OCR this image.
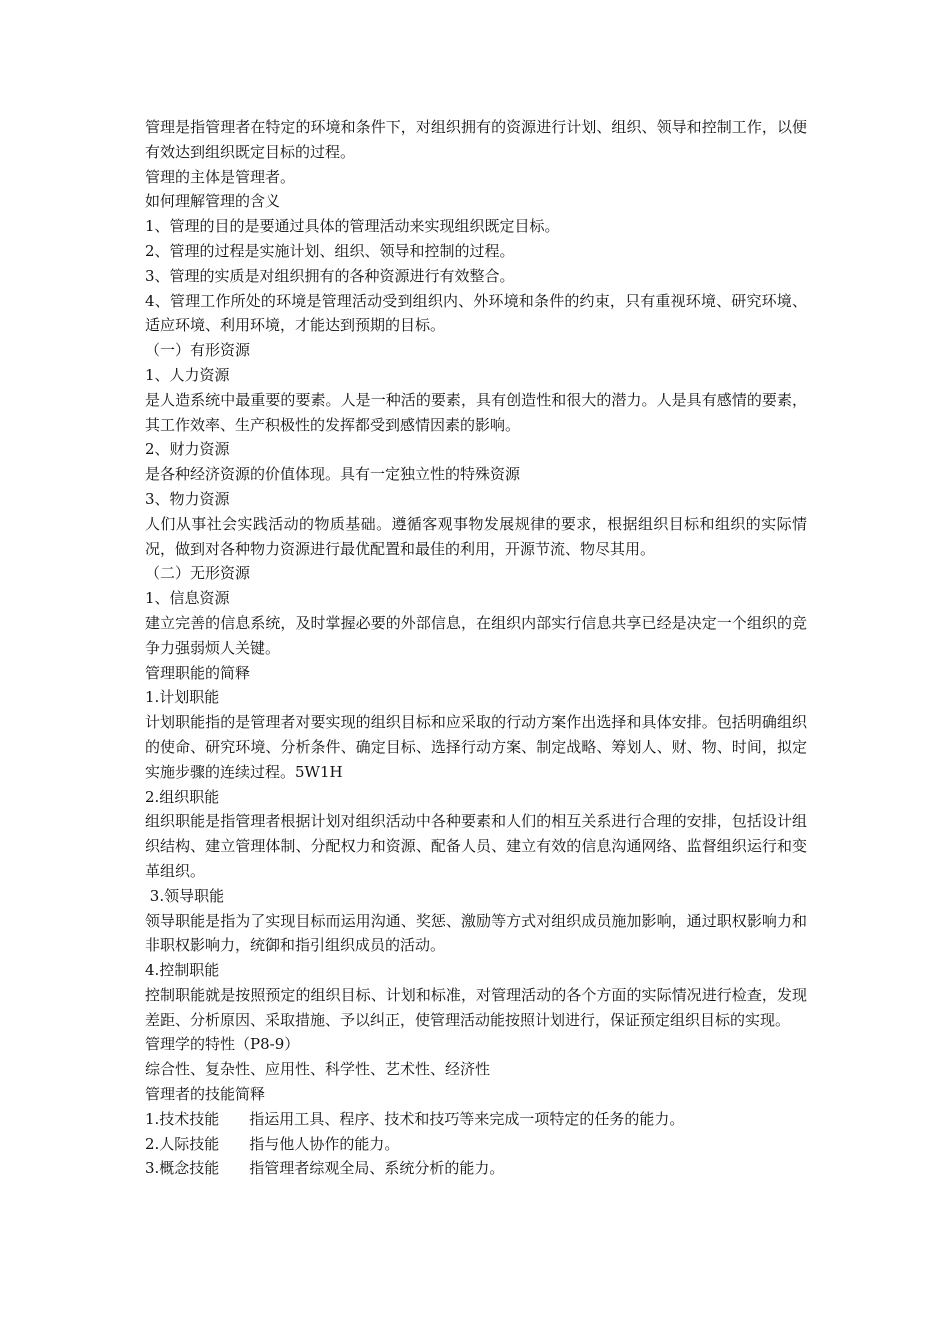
管理是指管理者在特定的环境和条件下，对组织拥有的资源进行计划、组织、领导和控制工作，以便有效达到组织既定目标的过程。

管理的主体是管理者。

如何理解管理的含义

1、管理的目的是要通过具体的管理活动来实现组织既定目标。

2、管理的过程是实施计划、组织、领导和控制的过程。

3、管理的实质是对组织拥有的各种资源进行有效整合。

4、管理工作所处的环境是管理活动受到组织内、外环境和条件的约束，只有重视环境、研究环境、适应环境、利用环境，才能达到预期的目标。

（一）有形资源

1、人力资源

是人造系统中最重要的要素。人是一种活的要素，具有创造性和很大的潜力。人是具有感情的要素，其工作效率、生产积极性的发挥都受到感情因素的影响。

2、财力资源

是各种经济资源的价值体现。具有一定独立性的特殊资源

3、物力资源

人们从事社会实践活动的物质基础。遵循客观事物发展规律的要求，根据组织目标和组织的实际情况，做到对各种物力资源进行最优配置和最佳的利用，开源节流、物尽其用。

（二）无形资源

1、信息资源

建立完善的信息系统，及时掌握必要的外部信息，在组织内部实行信息共享已经是决定一个组织的竞争力强弱烦人关键。

管理职能的简释

1.计划职能

计划职能指的是管理者对要实现的组织目标和应采取的行动方案作出选择和具体安排。包括明确组织的使命、研究环境、分析条件、确定目标、选择行动方案、制定战略、筹划人、财、物、时间，拟定实施步骤的连续过程。5W1H

2.组织职能

组织职能是指管理者根据计划对组织活动中各种要素和人们的相互关系进行合理的安排，包括设计组织结构、建立管理体制、分配权力和资源、配备人员、建立有效的信息沟通网络、监督组织运行和变革组织。

3.领导职能

领导职能是指为了实现目标而运用沟通、奖惩、激励等方式对组织成员施加影响，通过职权影响力和非职权影响力，统御和指引组织成员的活动。

4.控制职能

控制职能就是按照预定的组织目标、计划和标准，对管理活动的各个方面的实际情况进行检查，发现差距、分析原因、采取措施、予以纠正，使管理活动能按照计划进行，保证预定组织目标的实现。

管理学的特性（P8-9）

综合性、复杂性、应用性、科学性、艺术性、经济性

管理者的技能简释

1.技术技能　　指运用工具、程序、技术和技巧等来完成一项特定的任务的能力。

2.人际技能　　指与他人协作的能力。

3.概念技能　　指管理者综观全局、系统分析的能力。
